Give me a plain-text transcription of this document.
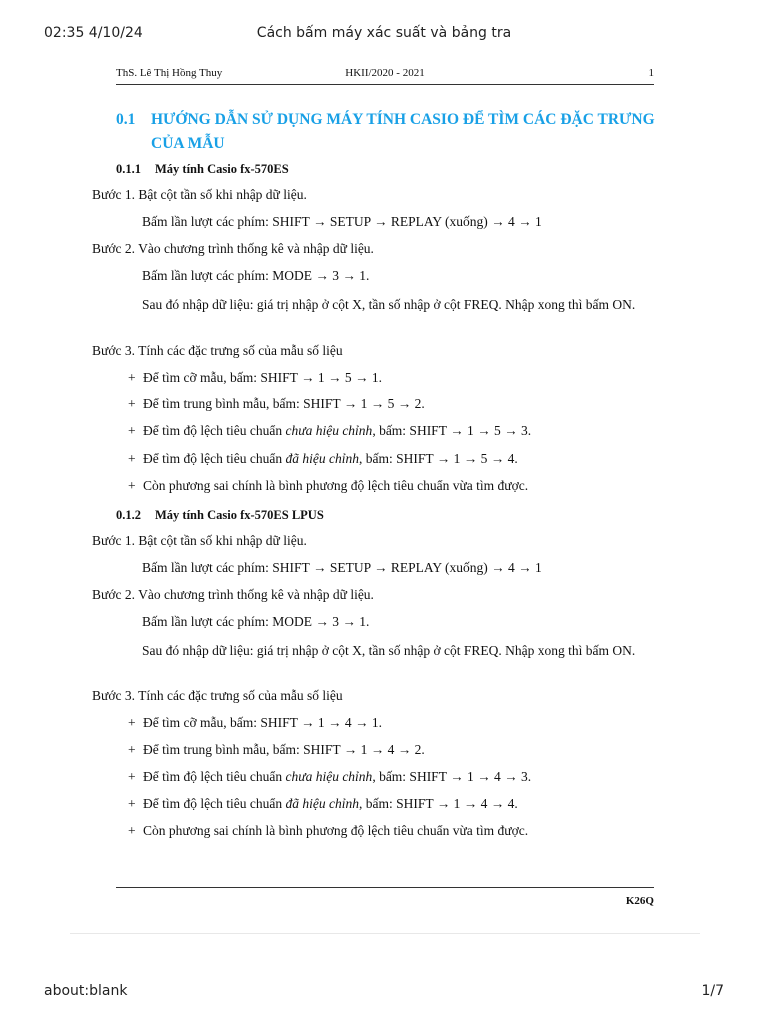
02:35 4/10/24	Cách bấm máy xác suất và bảng tra
ThS. Lê Thị Hồng Thuy	HKII/2020 - 2021	1
0.1 HƯỚNG DẪN SỬ DỤNG MÁY TÍNH CASIO ĐỂ TÌM CÁC ĐẶC TRƯNG CỦA MẪU
0.1.1 Máy tính Casio fx-570ES
Bước 1. Bật cột tần số khi nhập dữ liệu.
Bấm lần lượt các phím: SHIFT → SETUP → REPLAY (xuống) → 4 → 1
Bước 2. Vào chương trình thống kê và nhập dữ liệu.
Bấm lần lượt các phím: MODE → 3 → 1.
Sau đó nhập dữ liệu: giá trị nhập ở cột X, tần số nhập ở cột FREQ. Nhập xong thì bấm ON.
Bước 3. Tính các đặc trưng số của mẫu số liệu
+ Để tìm cỡ mẫu, bấm: SHIFT → 1 → 5 → 1.
+ Để tìm trung bình mẫu, bấm: SHIFT → 1 → 5 → 2.
+ Để tìm độ lệch tiêu chuẩn chưa hiệu chỉnh, bấm: SHIFT → 1 → 5 → 3.
+ Để tìm độ lệch tiêu chuẩn đã hiệu chỉnh, bấm: SHIFT → 1 → 5 → 4.
+ Còn phương sai chính là bình phương độ lệch tiêu chuẩn vừa tìm được.
0.1.2 Máy tính Casio fx-570ES LPUS
Bước 1. Bật cột tần số khi nhập dữ liệu.
Bấm lần lượt các phím: SHIFT → SETUP → REPLAY (xuống) → 4 → 1
Bước 2. Vào chương trình thống kê và nhập dữ liệu.
Bấm lần lượt các phím: MODE → 3 → 1.
Sau đó nhập dữ liệu: giá trị nhập ở cột X, tần số nhập ở cột FREQ. Nhập xong thì bấm ON.
Bước 3. Tính các đặc trưng số của mẫu số liệu
+ Để tìm cỡ mẫu, bấm: SHIFT → 1 → 4 → 1.
+ Để tìm trung bình mẫu, bấm: SHIFT → 1 → 4 → 2.
+ Để tìm độ lệch tiêu chuẩn chưa hiệu chỉnh, bấm: SHIFT → 1 → 4 → 3.
+ Để tìm độ lệch tiêu chuẩn đã hiệu chỉnh, bấm: SHIFT → 1 → 4 → 4.
+ Còn phương sai chính là bình phương độ lệch tiêu chuẩn vừa tìm được.
K26Q
about:blank	1/7
